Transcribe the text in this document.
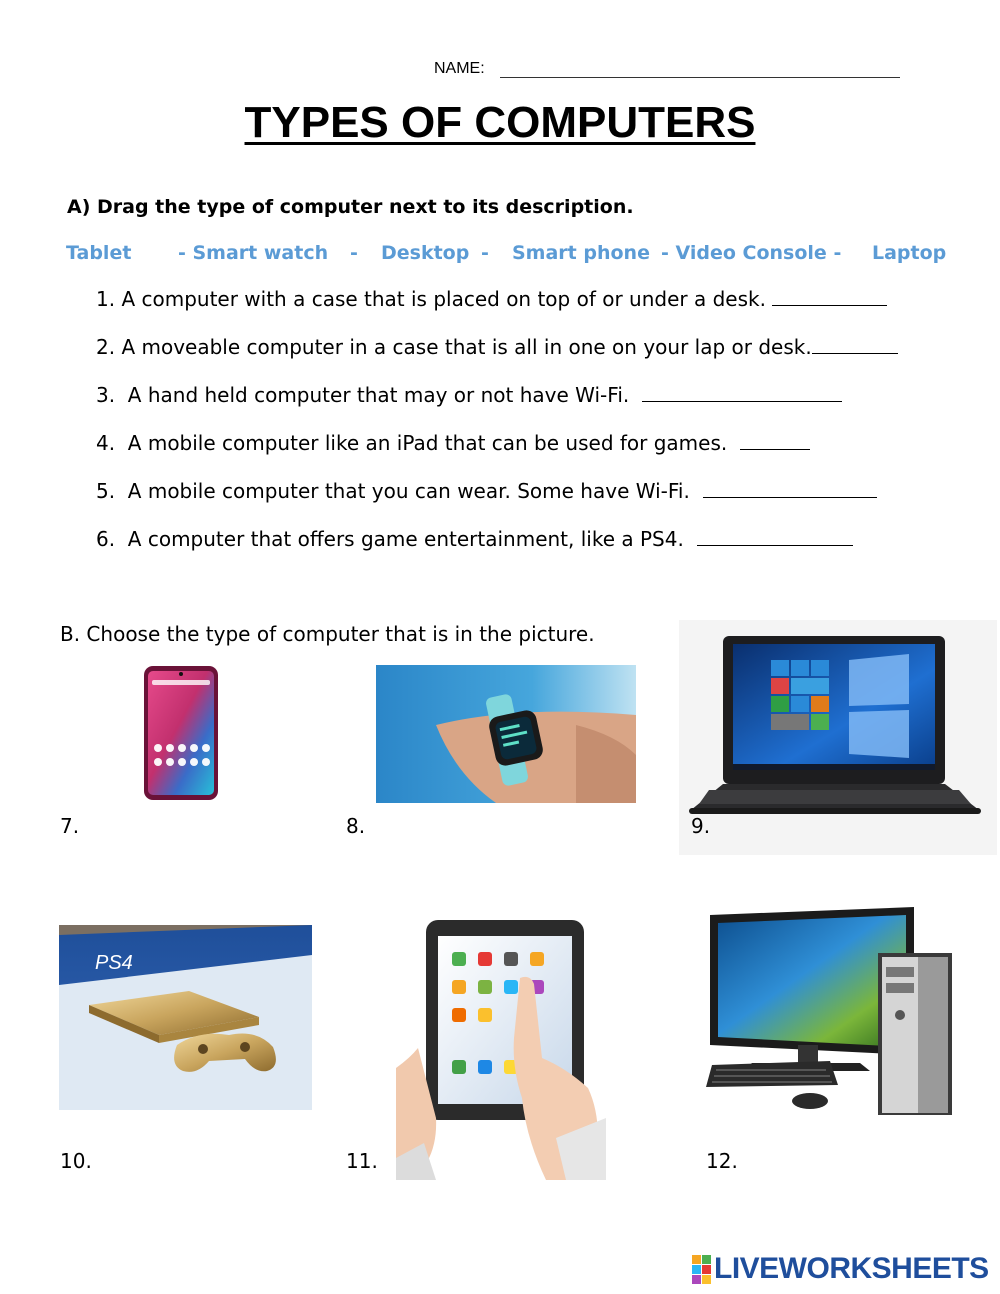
NAME:
TYPES OF COMPUTERS
A) Drag the type of computer next to its description.
Tablet - Smart watch - Desktop - Smart phone - Video Console - Laptop
1. A computer with a case that is placed on top of or under a desk.
2. A moveable computer in a case that is all in one on your lap or desk.
3.  A hand held computer that may or not have Wi-Fi.
4.  A mobile computer like an iPad that can be used for games.
5.  A mobile computer that you can wear. Some have Wi-Fi.
6.  A computer that offers game entertainment, like a PS4.
B. Choose the type of computer that is in the picture.
7.	8.	9.
PS4
10.	11.	12.
LIVEWORKSHEETS
